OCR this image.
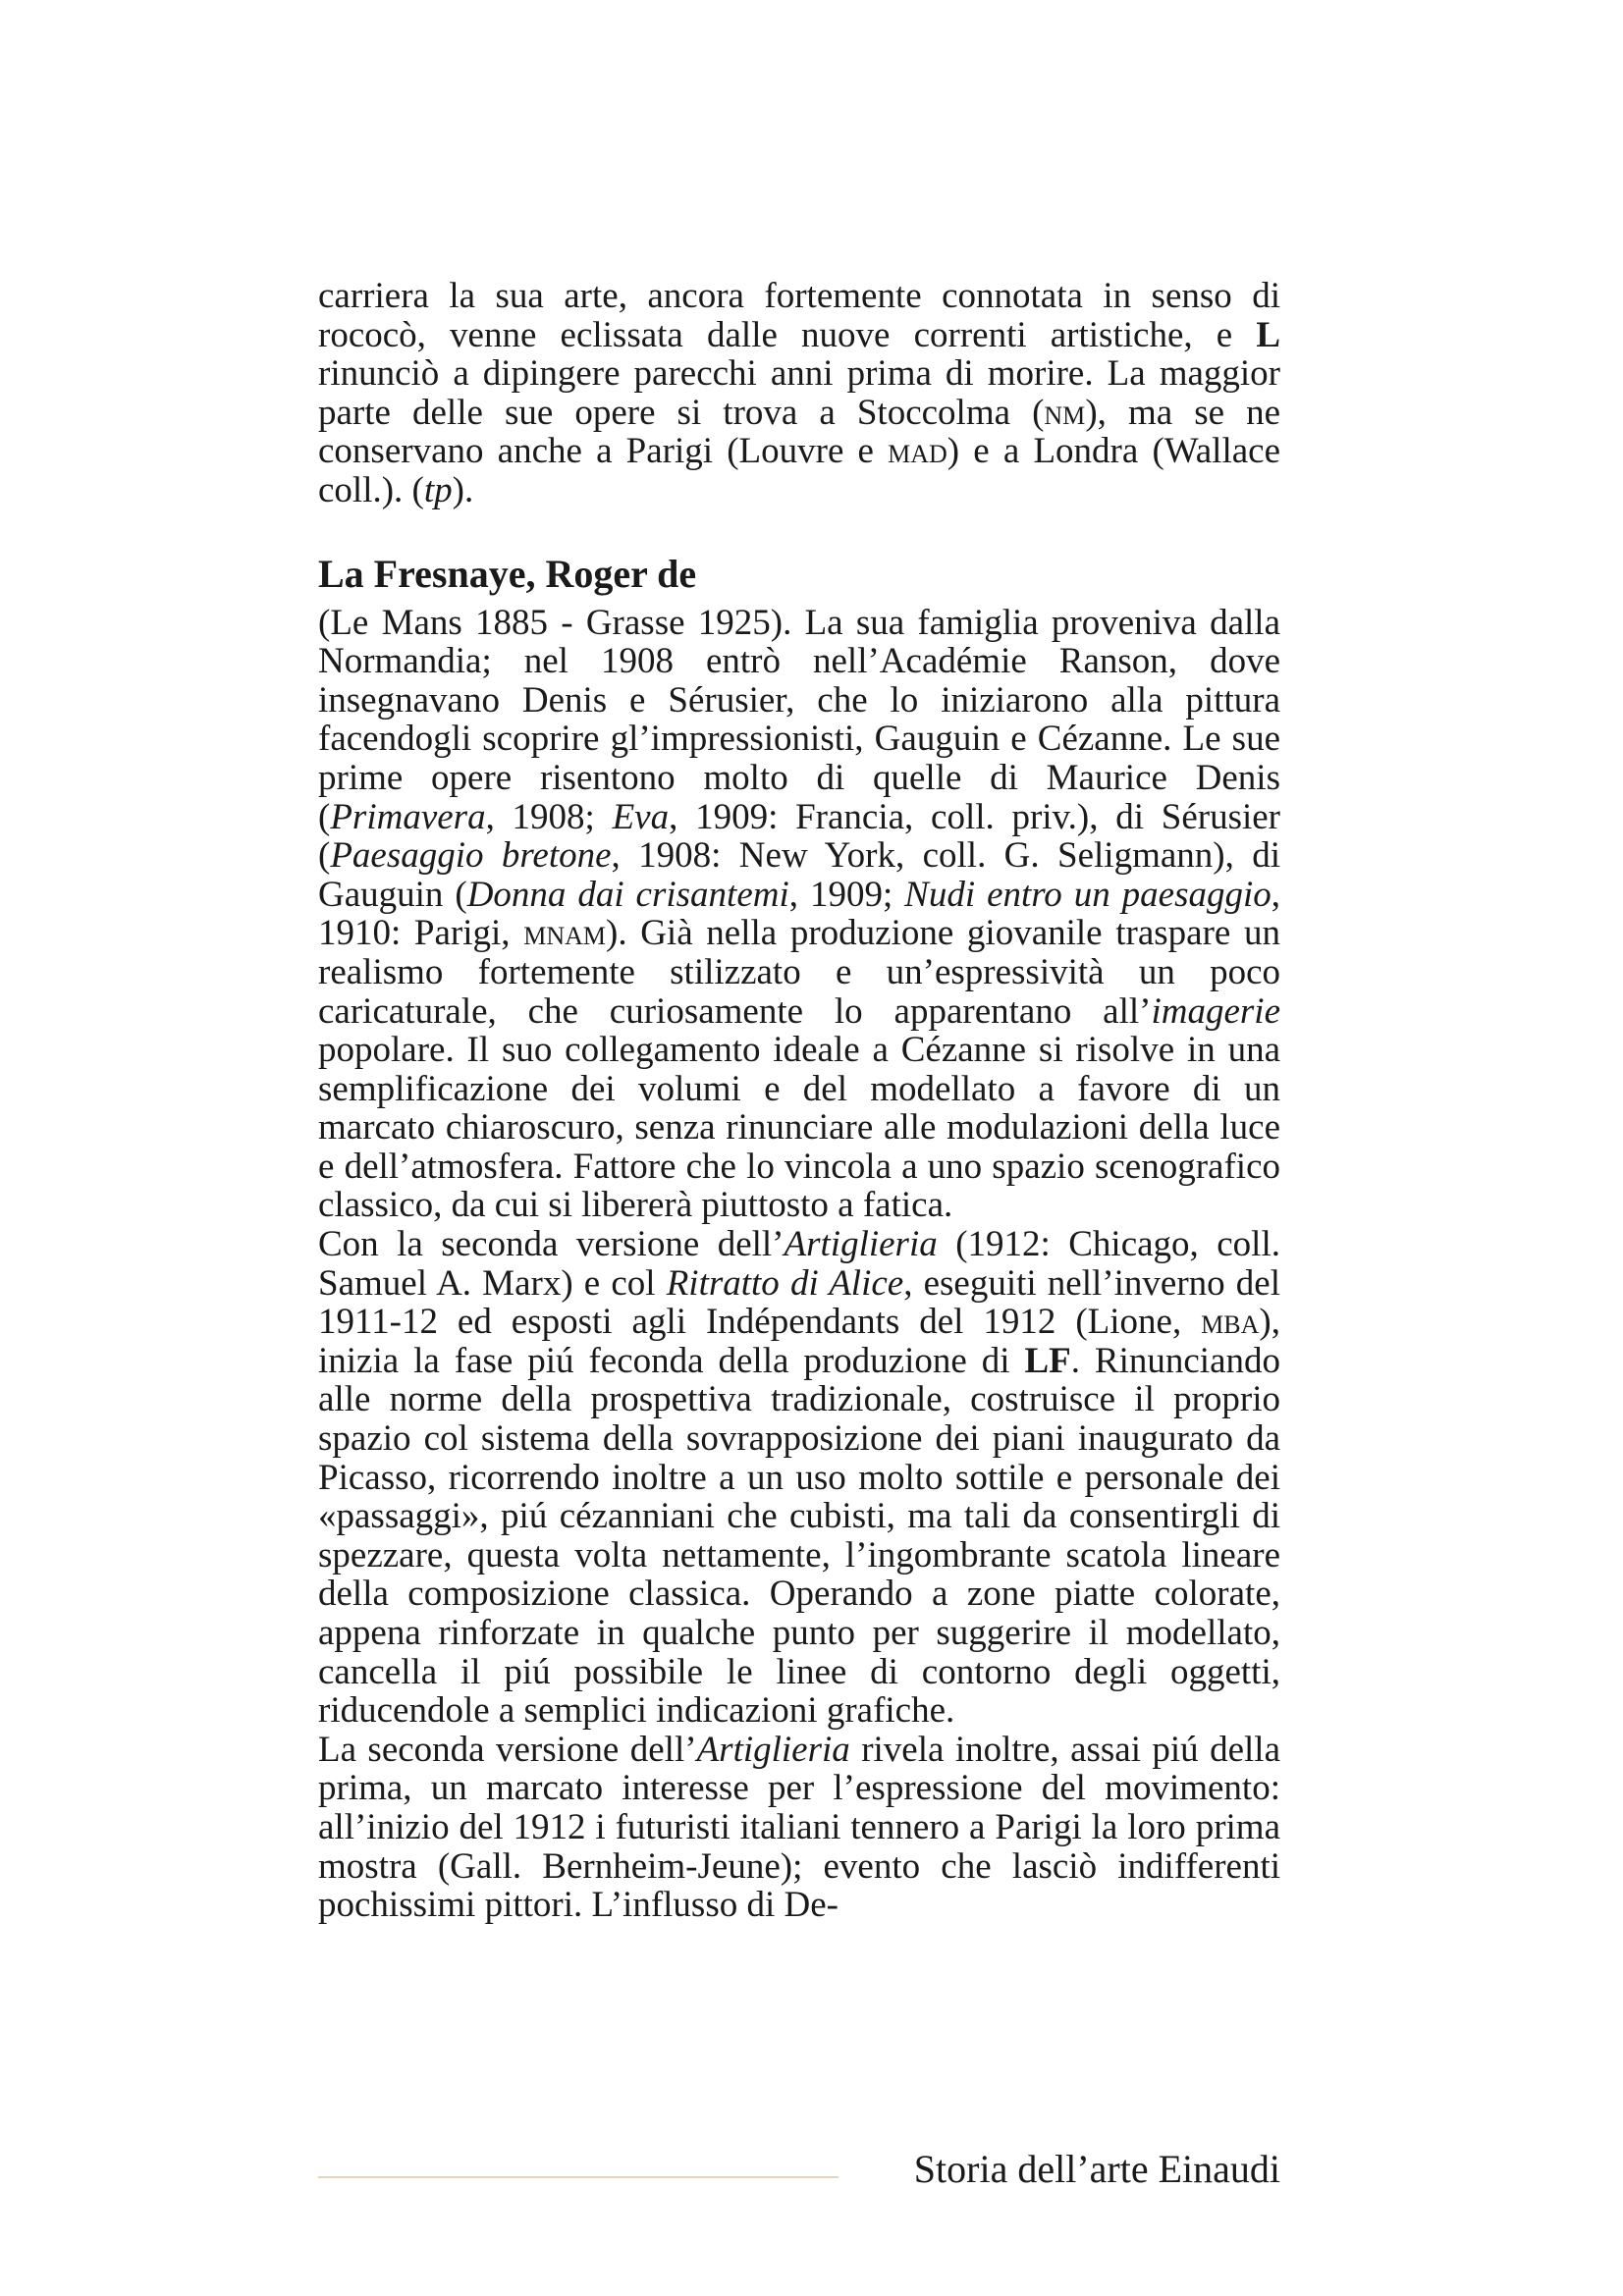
carriera la sua arte, ancora fortemente connotata in senso di rococò, venne eclissata dalle nuove correnti artistiche, e L rinunciò a dipingere parecchi anni prima di morire. La maggior parte delle sue opere si trova a Stoccolma (nm), ma se ne conservano anche a Parigi (Louvre e mad) e a Londra (Wallace coll.). (tp).

La Fresnaye, Roger de

(Le Mans 1885 - Grasse 1925). La sua famiglia proveniva dalla Normandia; nel 1908 entrò nell’Académie Ranson, dove insegnavano Denis e Sérusier, che lo iniziarono alla pittura facendogli scoprire gl’impressionisti, Gauguin e Cézanne. Le sue prime opere risentono molto di quelle di Maurice Denis (Primavera, 1908; Eva, 1909: Francia, coll. priv.), di Sérusier (Paesaggio bretone, 1908: New York, coll. G. Seligmann), di Gauguin (Donna dai crisantemi, 1909; Nudi entro un paesaggio, 1910: Parigi, mnam). Già nella produzione giovanile traspare un realismo fortemente stilizzato e un’espressività un poco caricaturale, che curiosamente lo apparentano all’imagerie popolare. Il suo collegamento ideale a Cézanne si risolve in una semplificazione dei volumi e del modellato a favore di un marcato chiaroscuro, senza rinunciare alle modulazioni della luce e dell’atmosfera. Fattore che lo vincola a uno spazio scenografico classico, da cui si libererà piuttosto a fatica.

Con la seconda versione dell’Artiglieria (1912: Chicago, coll. Samuel A. Marx) e col Ritratto di Alice, eseguiti nell’inverno del 1911-12 ed esposti agli Indépendants del 1912 (Lione, mba), inizia la fase piú feconda della produzione di LF. Rinunciando alle norme della prospettiva tradizionale, costruisce il proprio spazio col sistema della sovrapposizione dei piani inaugurato da Picasso, ricorrendo inoltre a un uso molto sottile e personale dei «passaggi», piú cézanniani che cubisti, ma tali da consentirgli di spezzare, questa volta nettamente, l’ingombrante scatola lineare della composizione classica. Operando a zone piatte colorate, appena rinforzate in qualche punto per suggerire il modellato, cancella il piú possibile le linee di contorno degli oggetti, riducendole a semplici indicazioni grafiche.

La seconda versione dell’Artiglieria rivela inoltre, assai piú della prima, un marcato interesse per l’espressione del movimento: all’inizio del 1912 i futuristi italiani tennero a Parigi la loro prima mostra (Gall. Bernheim-Jeune); evento che lasciò indifferenti pochissimi pittori. L’influsso di De-

Storia dell’arte Einaudi
